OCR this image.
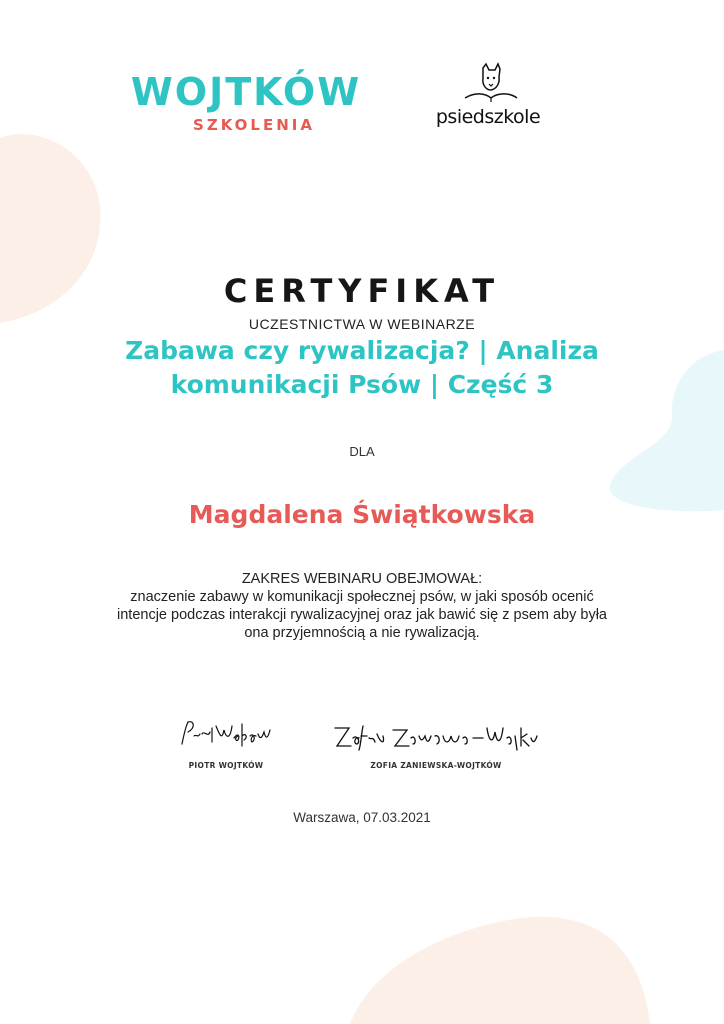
WOJTKÓW
SZKOLENIA	psiedszkole
CERTYFIKAT
UCZESTNICTWA W WEBINARZE
Zabawa czy rywalizacja? | Analiza
komunikacji Psów | Część 3
DLA
Magdalena Świątkowska
ZAKRES WEBINARU OBEJMOWAŁ:
znaczenie zabawy w komunikacji społecznej psów, w jaki sposób ocenić
intencje podczas interakcji rywalizacyjnej oraz jak bawić się z psem aby była
ona przyjemnością a nie rywalizacją.
PIOTR WOJTKÓW	ZOFIA ZANIEWSKA-WOJTKÓW
Warszawa, 07.03.2021
